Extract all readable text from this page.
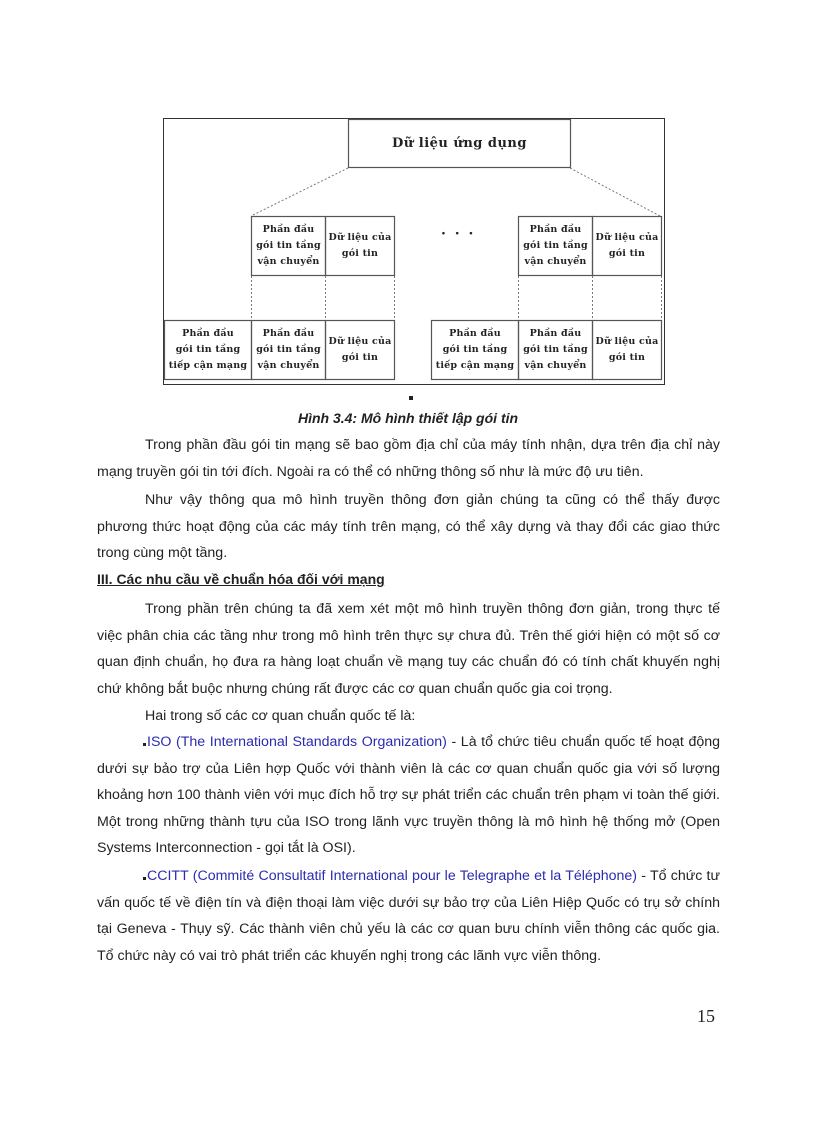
Dữ liệu ứng dụng
Phần đầu
gói tin tầng
vận chuyển
Dữ liệu của
gói tin
· · ·	Phần đầu
gói tin tầng
vận chuyển
Dữ liệu của
gói tin
Phần đầu
gói tin tầng
tiếp cận mạng
Phần đầu
gói tin tầng
vận chuyển
Dữ liệu của
gói tin
Phần đầu
gói tin tầng
tiếp cận mạng
Phần đầu
gói tin tầng
vận chuyển
Dữ liệu của
gói tin
Hình 3.4: Mô hình thiết lập gói tin

Trong phần đầu gói tin mạng sẽ bao gồm địa chỉ của máy tính nhận, dựa trên địa chỉ này mạng truyền gói tin tới đích. Ngoài ra có thể có những thông số như là mức độ ưu tiên.

Như vậy thông qua mô hình truyền thông đơn giản chúng ta cũng có thể thấy được phương thức hoạt động của các máy tính trên mạng, có thể xây dựng và thay đổi các giao thức trong cùng một tầng.

III. Các nhu cầu về chuẩn hóa đối với mạng

Trong phần trên chúng ta đã xem xét một mô hình truyền thông đơn giản, trong thực tế việc phân chia các tầng như trong mô hình trên thực sự chưa đủ. Trên thế giới hiện có một số cơ quan định chuẩn, họ đưa ra hàng loạt chuẩn về mạng tuy các chuẩn đó có tính chất khuyến nghị chứ không bắt buộc nhưng chúng rất được các cơ quan chuẩn quốc gia coi trọng.

Hai trong số các cơ quan chuẩn quốc tế là:

ISO (The International Standards Organization) - Là tổ chức tiêu chuẩn quốc tế hoạt động dưới sự bảo trợ của Liên hợp Quốc với thành viên là các cơ quan chuẩn quốc gia với số lượng khoảng hơn 100 thành viên với mục đích hỗ trợ sự phát triển các chuẩn trên phạm vi toàn thế giới. Một trong những thành tựu của ISO trong lãnh vực truyền thông là mô hình hệ thống mở (Open Systems Interconnection - gọi tắt là OSI).

CCITT (Commité Consultatif International pour le Telegraphe et la Téléphone) - Tổ chức tư vấn quốc tế về điện tín và điện thoại làm việc dưới sự bảo trợ của Liên Hiệp Quốc có trụ sở chính tại Geneva - Thụy sỹ. Các thành viên chủ yếu là các cơ quan bưu chính viễn thông các quốc gia. Tổ chức này có vai trò phát triển các khuyến nghị trong các lãnh vực viễn thông.

15
